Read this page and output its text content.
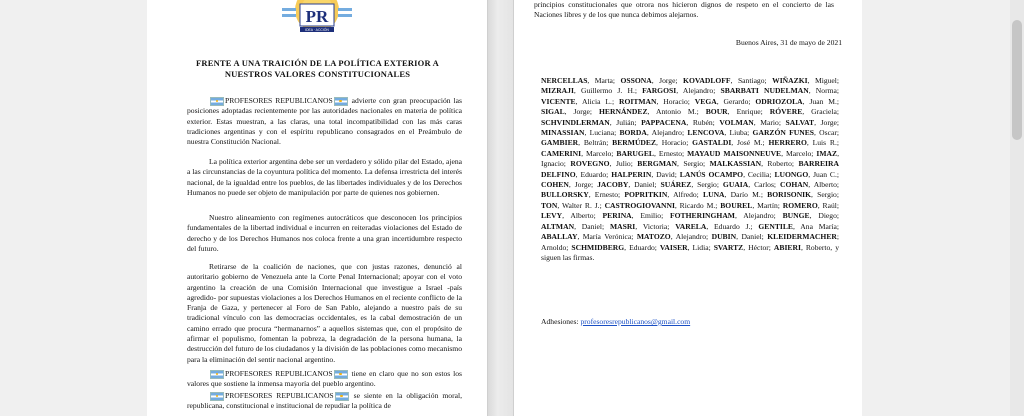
PR
IDEA · ACCIÓN
FRENTE A UNA TRAICIÓN DE LA POLÍTICA EXTERIOR A
NUESTROS VALORES CONSTITUCIONALES

PROFESORES REPUBLICANOS advierte con gran preocupación las posiciones adoptadas recientemente por las autoridades nacionales en materia de política exterior. Estas muestran, a las claras, una total incompatibilidad con las más caras tradiciones argentinas y con el espíritu republicano consagrados en el Preámbulo de nuestra Constitución Nacional.

La política exterior argentina debe ser un verdadero y sólido pilar del Estado, ajena a las circunstancias de la coyuntura política del momento. La defensa irrestricta del interés nacional, de la igualdad entre los pueblos, de las libertades individuales y de los Derechos Humanos no puede ser objeto de manipulación por parte de quienes nos gobiernen.

Nuestro alineamiento con regímenes autocráticos que desconocen los principios fundamentales de la libertad individual e incurren en reiteradas violaciones del Estado de derecho y de los Derechos Humanos nos coloca frente a una gran incertidumbre respecto del futuro.

Retirarse de la coalición de naciones, que con justas razones, denunció al autoritario gobierno de Venezuela ante la Corte Penal Internacional; apoyar con el voto argentino la creación de una Comisión Internacional que investigue a Israel -país agredido- por supuestas violaciones a los Derechos Humanos en el reciente conflicto de la Franja de Gaza, y pertenecer al Foro de San Pablo, alejando a nuestro país de su tradicional vínculo con las democracias occidentales, es la cabal demostración de un camino errado que procura “hermanarnos” a aquellos sistemas que, con el propósito de afirmar el populismo, fomentan la pobreza, la degradación de la persona humana, la destrucción del futuro de los ciudadanos y la división de las poblaciones como mecanismo para la eliminación del sentir nacional argentino.

PROFESORES REPUBLICANOS tiene en claro que no son estos los valores que sostiene la inmensa mayoría del pueblo argentino.

PROFESORES REPUBLICANOS se siente en la obligación moral, republicana, constitucional e institucional de repudiar la política de

principios constitucionales que otrora nos hicieron dignos de respeto en el concierto de las Naciones libres y de los que nunca debimos alejarnos.

Buenos Aires, 31 de mayo de 2021

NERCELLAS, Marta; OSSONA, Jorge; KOVADLOFF, Santiago; WIÑAZKI, Miguel; MIZRAJI, Guillermo J. H.; FARGOSI, Alejandro; SBARBATI NUDELMAN, Norma; VICENTE, Alicia L.; ROITMAN, Horacio; VEGA, Gerardo; ODRIOZOLA, Juan M.; SIGAL, Jorge; HERNÁNDEZ, Antonio M.; BOUR, Enrique; RÓVERE, Graciela; SCHVINDLERMAN, Julián; PAPPACENA, Rubén; VOLMAN, Mario; SALVAT, Jorge; MINASSIAN, Luciana; BORDA, Alejandro; LENCOVA, Liuba; GARZÓN FUNES, Oscar; GAMBIER, Beltrán; BERMÚDEZ, Horacio; GASTALDI, José M.; HERRERO, Luis R.; CAMERINI, Marcelo; BARUGEL, Ernesto; MAYAUD MAISONNEUVE, Marcelo; IMAZ, Ignacio; ROVEGNO, Julio; BERGMAN, Sergio; MALKASSIAN, Roberto; BARREIRA DELFINO, Eduardo; HALPERIN, David; LANÚS OCAMPO, Cecilia; LUONGO, Juan C.; COHEN, Jorge; JACOBY, Daniel; SUÁREZ, Sergio; GUAIA, Carlos; COHAN, Alberto; BULLORSKY, Ernesto; POPRITKIN, Alfredo; LUNA, Darío M.; BORISONIK, Sergio; TON, Walter R. J.; CASTROGIOVANNI, Ricardo M.; BOUREL, Martín; ROMERO, Raúl; LEVY, Alberto; PERINA, Emilio; FOTHERINGHAM, Alejandro; BUNGE, Diego; ALTMAN, Daniel; MASRI, Victoria; VARELA, Eduardo J.; GENTILE, Ana María; ABALLAY, María Verónica; MATOZO, Alejandro; DUBIN, Daniel; KLEIDERMACHER; Arnoldo; SCHMIDBERG, Eduardo; VAISER, Lidia; SVARTZ, Héctor; ABIERI, Roberto, y siguen las firmas.

Adhesiones: profesoresrepublicanos@gmail.com
